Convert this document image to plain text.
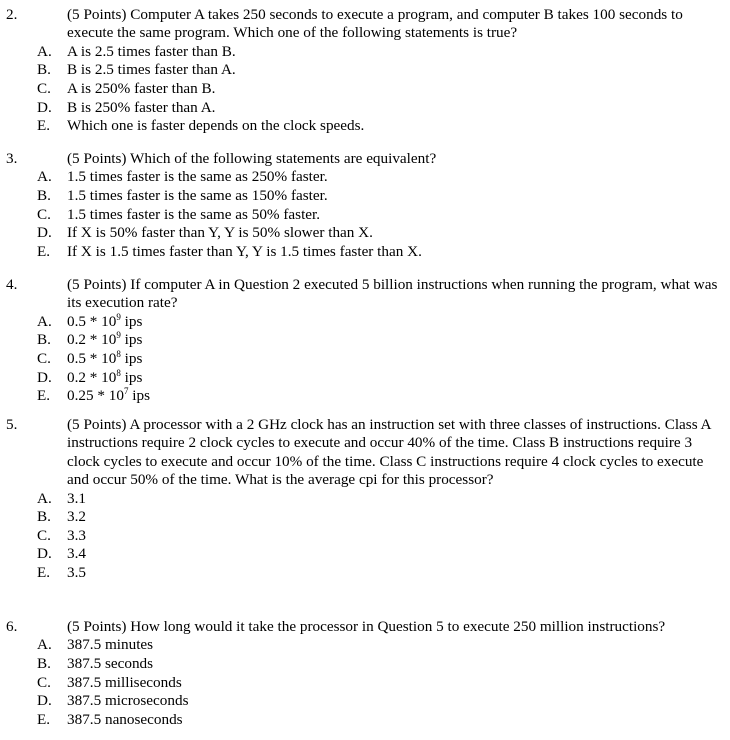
2.	(5 Points) Computer A takes 250 seconds to execute a program, and computer B takes 100 seconds to execute the same program. Which one of the following statements is true?
A. A is 2.5 times faster than B.
B. B is 2.5 times faster than A.
C. A is 250% faster than B.
D. B is 250% faster than A.
E. Which one is faster depends on the clock speeds.
3.	(5 Points) Which of the following statements are equivalent?
A. 1.5 times faster is the same as 250% faster.
B. 1.5 times faster is the same as 150% faster.
C. 1.5 times faster is the same as 50% faster.
D. If X is 50% faster than Y, Y is 50% slower than X.
E. If X is 1.5 times faster than Y, Y is 1.5 times faster than X.
4.	(5 Points) If computer A in Question 2 executed 5 billion instructions when running the program, what was its execution rate?
A. $0.5 * 10^9$ ips
B. $0.2 * 10^9$ ips
C. $0.5 * 10^8$ ips
D. $0.2 * 10^8$ ips
E. $0.25 * 10^7$ ips
5.	(5 Points) A processor with a 2 GHz clock has an instruction set with three classes of instructions. Class A instructions require 2 clock cycles to execute and occur 40% of the time. Class B instructions require 3 clock cycles to execute and occur 10% of the time. Class C instructions require 4 clock cycles to execute and occur 50% of the time. What is the average cpi for this processor?
A. 3.1
B. 3.2
C. 3.3
D. 3.4
E. 3.5
6.	(5 Points) How long would it take the processor in Question 5 to execute 250 million instructions?
A. 387.5 minutes
B. 387.5 seconds
C. 387.5 milliseconds
D. 387.5 microseconds
E. 387.5 nanoseconds
